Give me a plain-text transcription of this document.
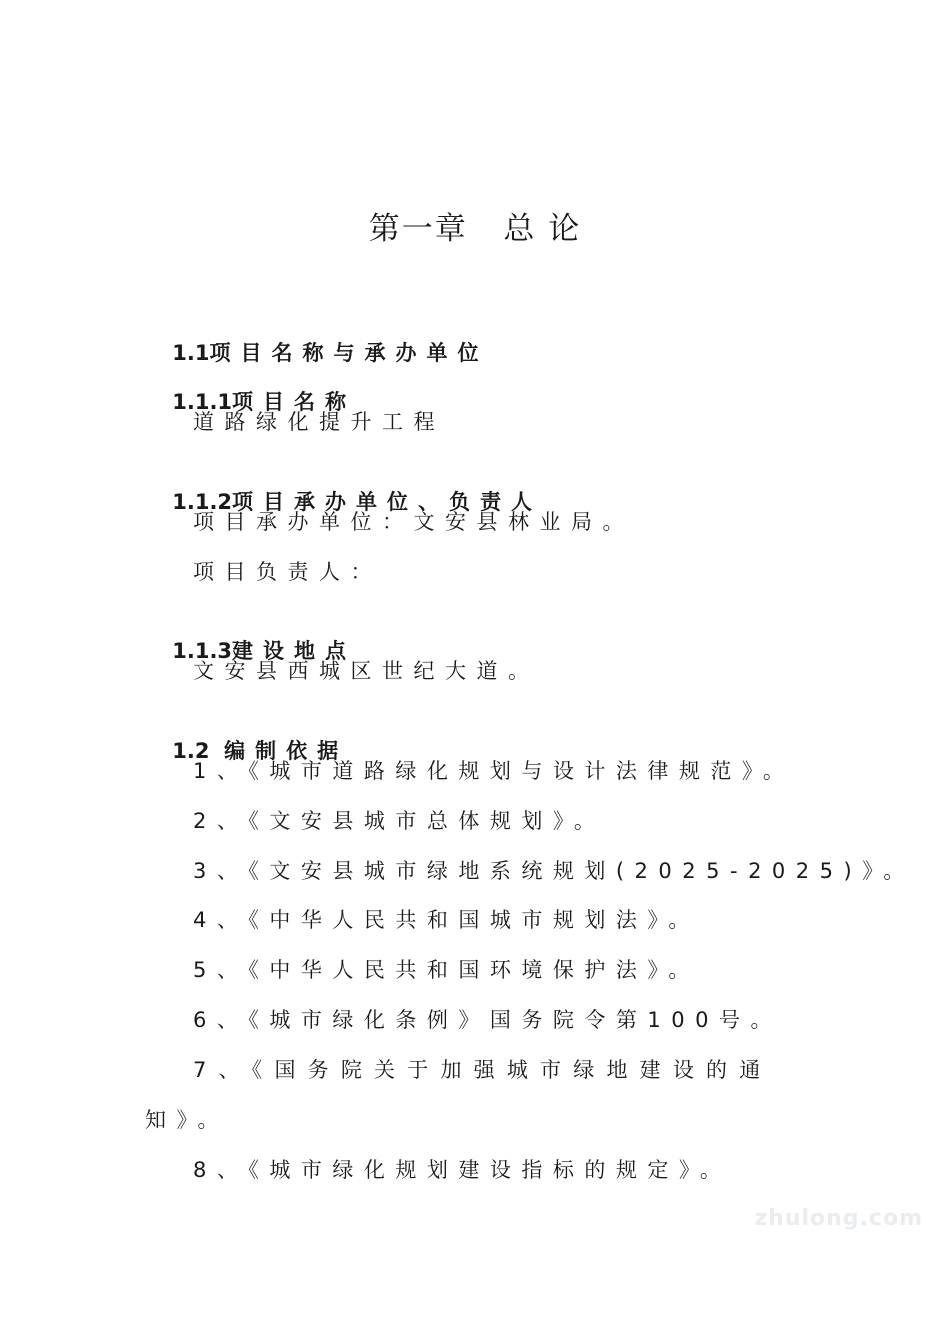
第一章   总 论

1.1项目名称与承办单位

1.1.1项目名称

道路绿化提升工程

1.1.2项目承办单位、负责人

项目承办单位：文安县林业局。
项目负责人：

1.1.3建设地点

文安县西城区世纪大道。

1.2  编制依据

1、《城市道路绿化规划与设计法律规范》。
2、《文安县城市总体规划》。
3、《文安县城市绿地系统规划(2025-2025)》。
4、《中华人民共和国城市规划法》。
5、《中华人民共和国环境保护法》。
6、《城市绿化条例》国务院令第100号。
7、《国务院关于加强城市绿地建设的通
知》。
8、《城市绿化规划建设指标的规定》。
zhulong.com
